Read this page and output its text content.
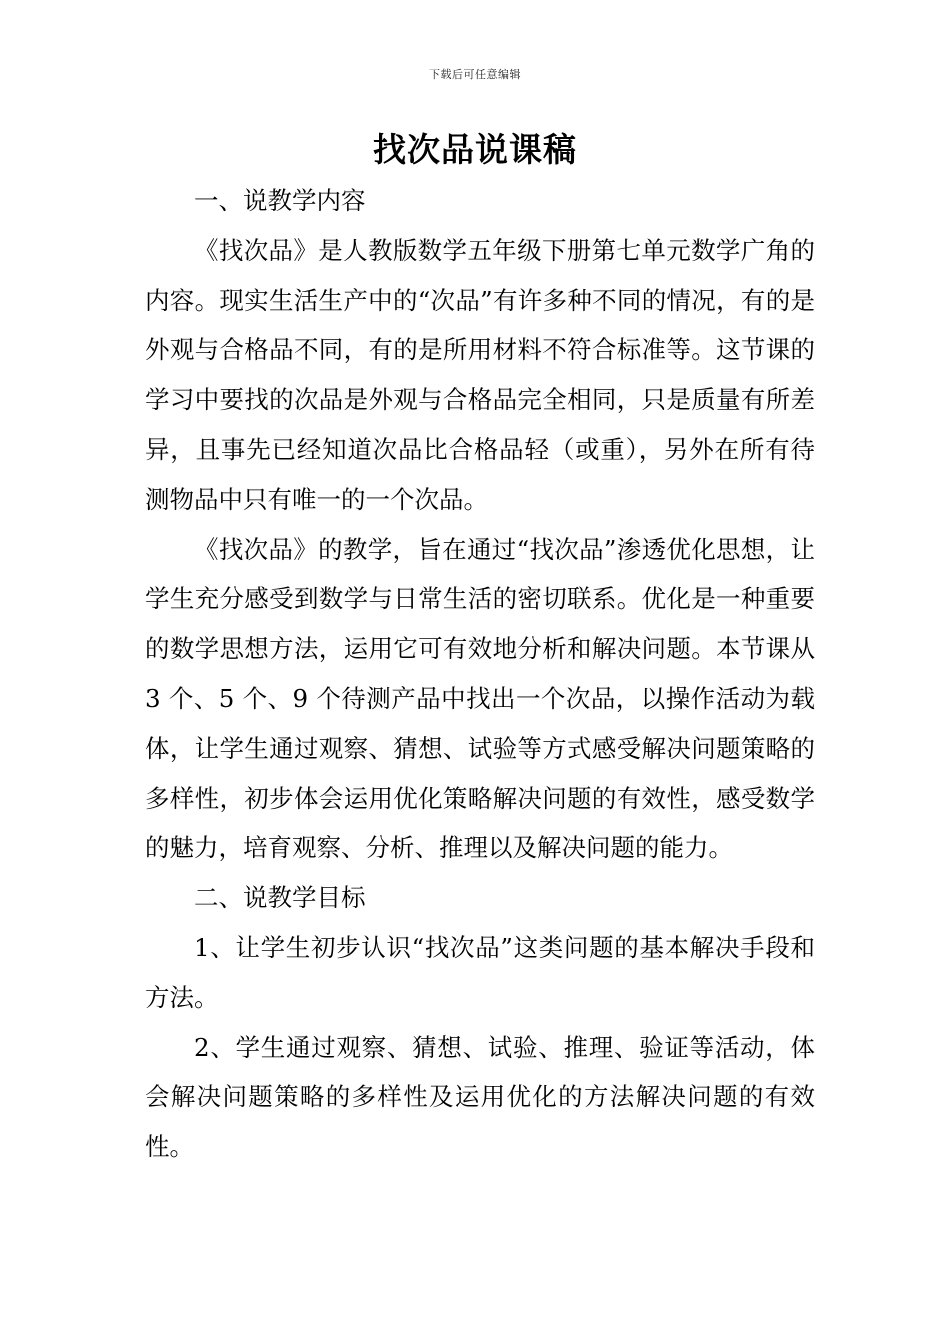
下载后可任意编辑
找次品说课稿

一、说教学内容

《找次品》是人教版数学五年级下册第七单元数学广角的内容。现实生活生产中的“次品”有许多种不同的情况，有的是外观与合格品不同，有的是所用材料不符合标准等。这节课的学习中要找的次品是外观与合格品完全相同，只是质量有所差异，且事先已经知道次品比合格品轻（或重），另外在所有待测物品中只有唯一的一个次品。

《找次品》的教学，旨在通过“找次品”渗透优化思想，让学生充分感受到数学与日常生活的密切联系。优化是一种重要的数学思想方法，运用它可有效地分析和解决问题。本节课从 3 个、5 个、9 个待测产品中找出一个次品，以操作活动为载体，让学生通过观察、猜想、试验等方式感受解决问题策略的多样性，初步体会运用优化策略解决问题的有效性，感受数学的魅力，培育观察、分析、推理以及解决问题的能力。

二、说教学目标

1、让学生初步认识“找次品”这类问题的基本解决手段和方法。

2、学生通过观察、猜想、试验、推理、验证等活动，体会解决问题策略的多样性及运用优化的方法解决问题的有效性。
